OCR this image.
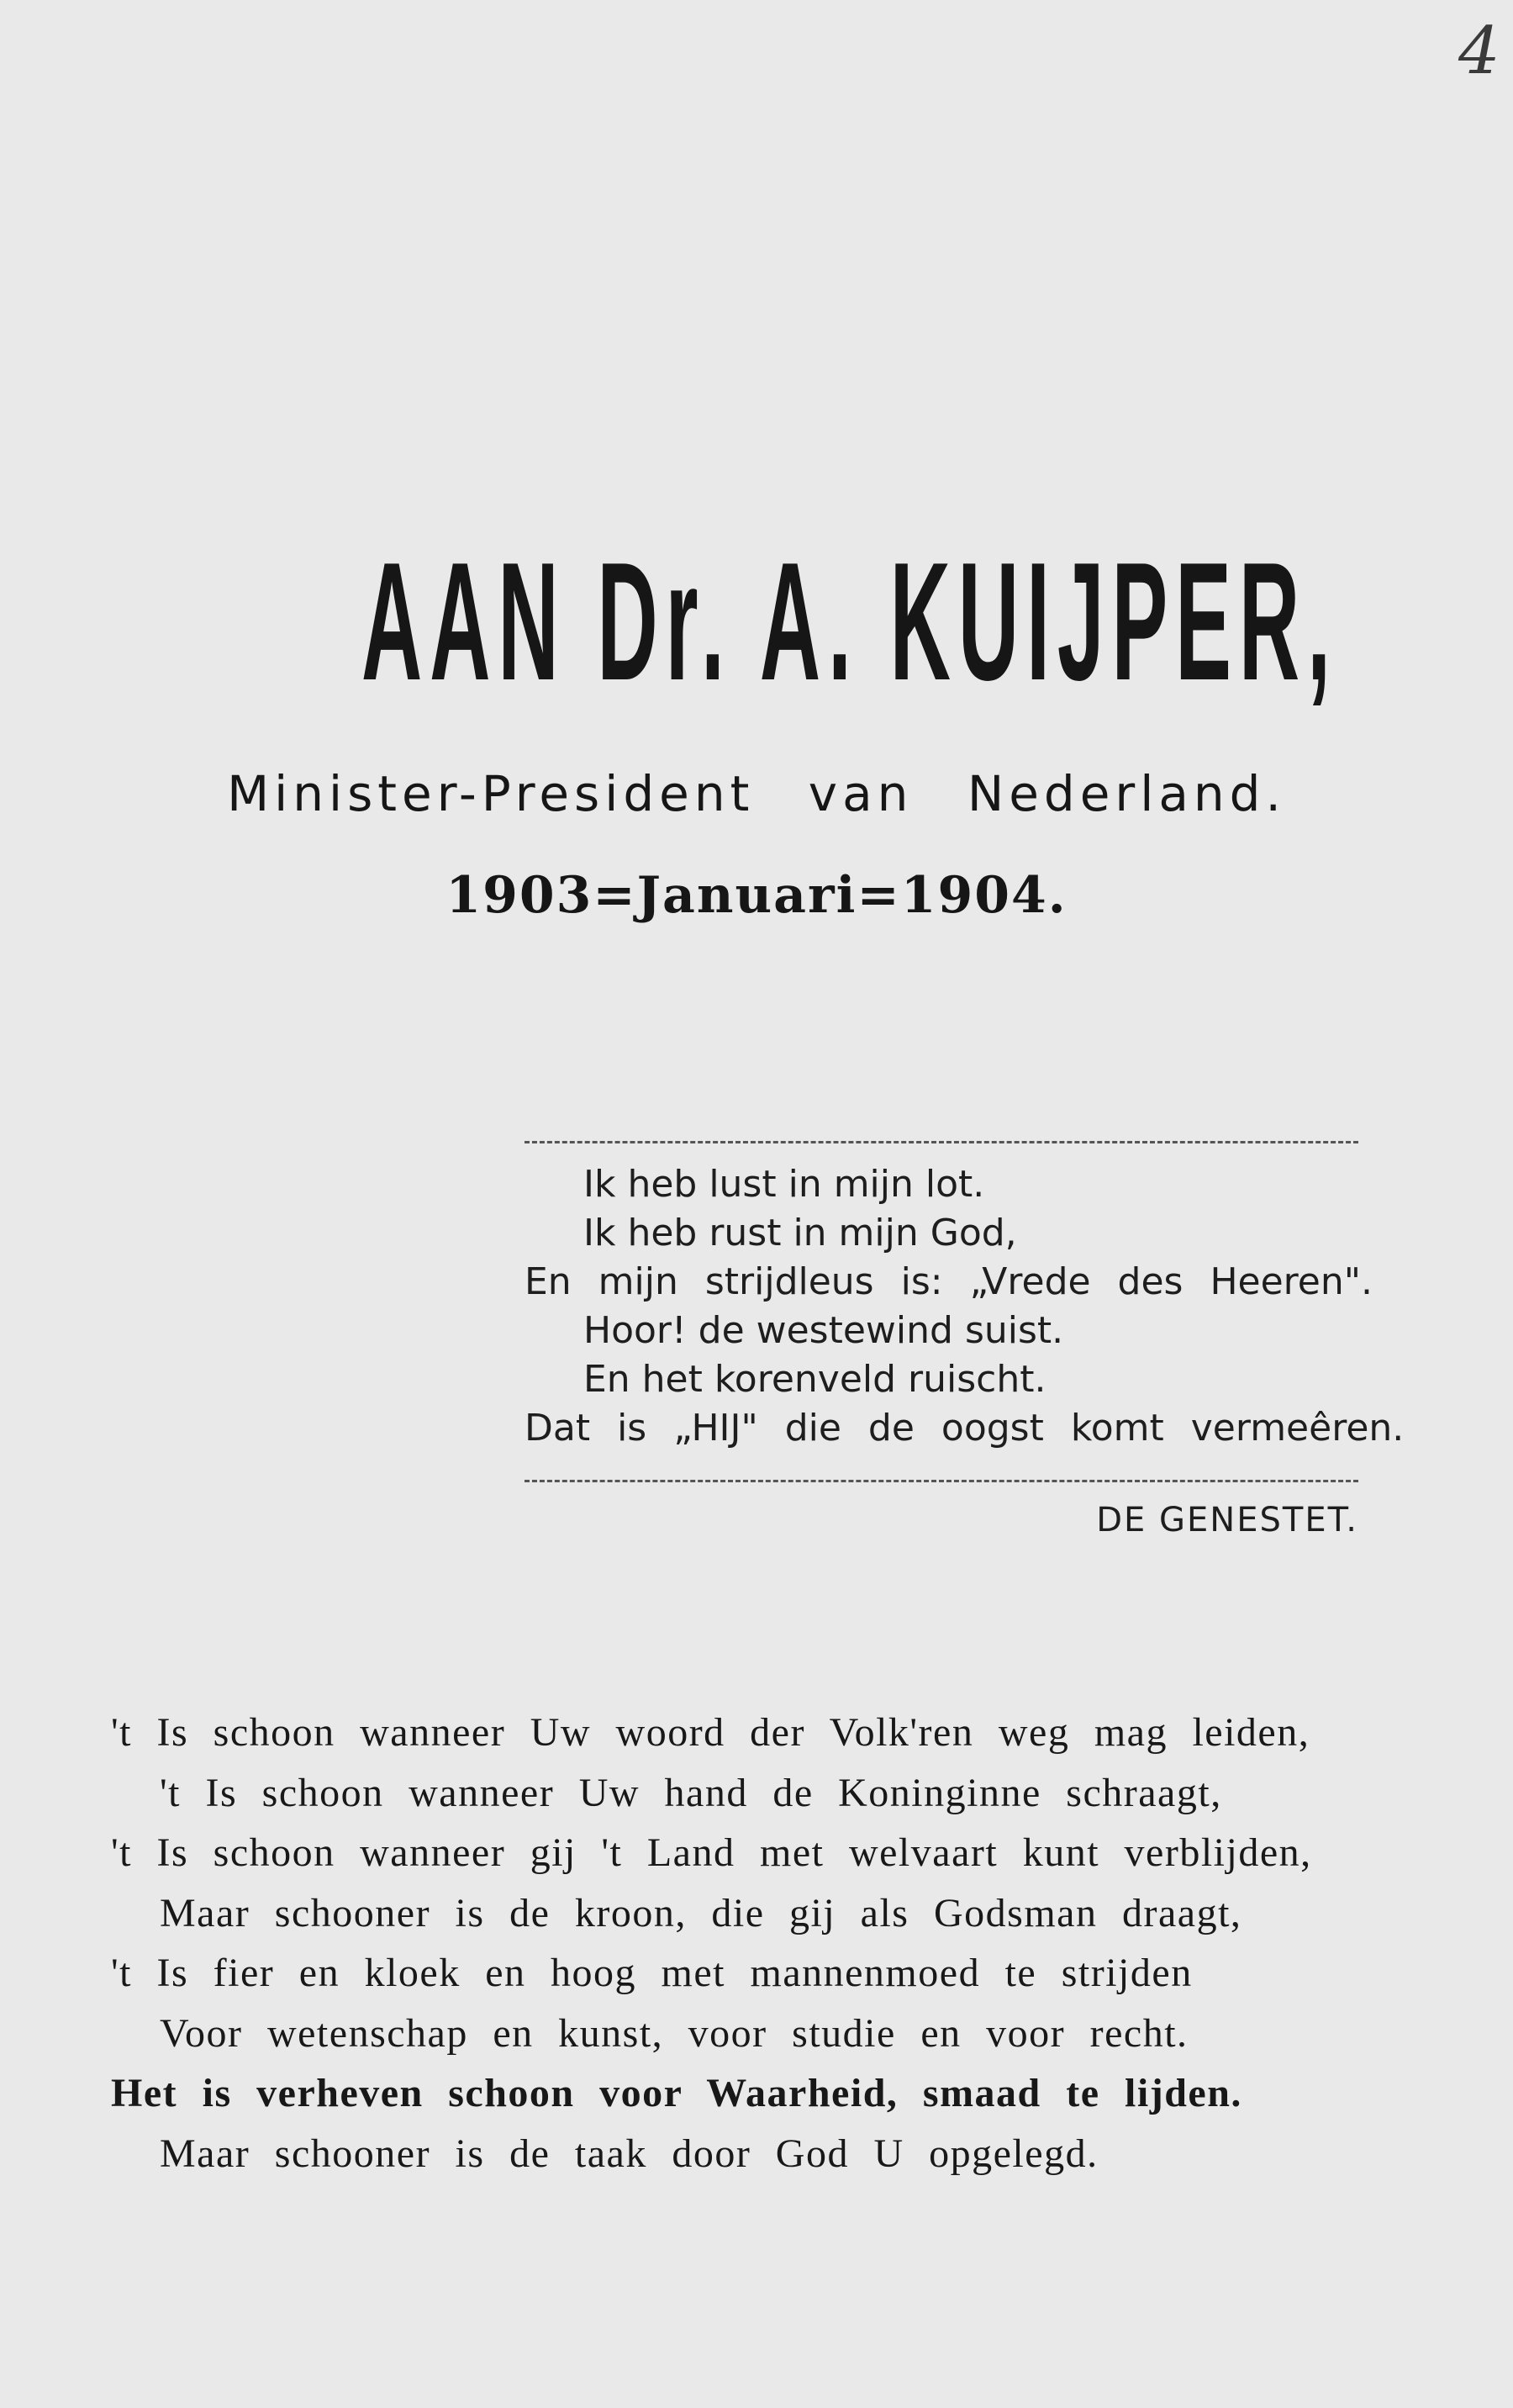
4
AAN Dr. A. KUIJPER,
Minister-President van Nederland.
1903=Januari=1904.
Ik heb lust in mijn lot.
Ik heb rust in mijn God,
En mijn strijdleus is: „Vrede des Heeren".
Hoor! de westewind suist.
En het korenveld ruischt.
Dat is „HIJ" die de oogst komt vermeêren.
DE GENESTET.
't Is schoon wanneer Uw woord der Volk'ren weg mag leiden,
't Is schoon wanneer Uw hand de Koninginne schraagt,
't Is schoon wanneer gij 't Land met welvaart kunt verblijden,
Maar schooner is de kroon, die gij als Godsman draagt,
't Is fier en kloek en hoog met mannenmoed te strijden
Voor wetenschap en kunst, voor studie en voor recht.
Het is verheven schoon voor Waarheid, smaad te lijden.
Maar schooner is de taak door God U opgelegd.
